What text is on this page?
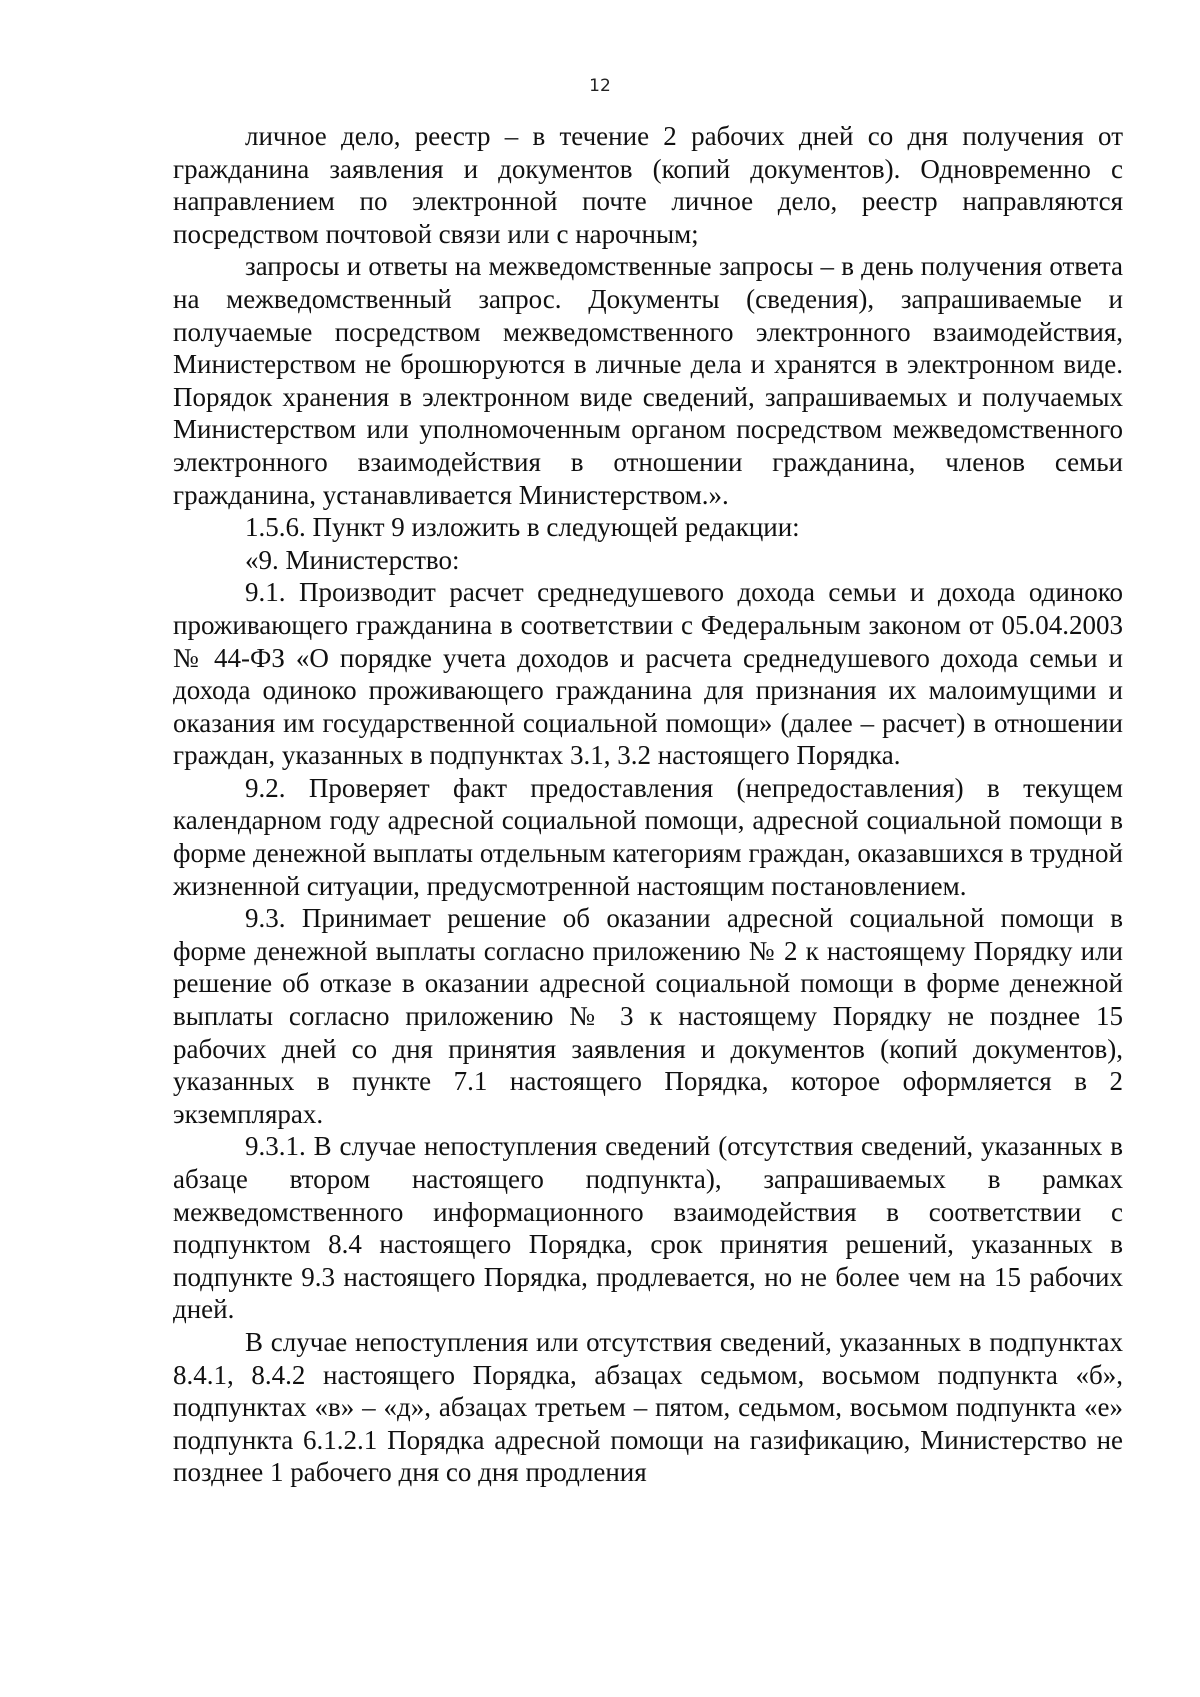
12

личное дело, реестр – в течение 2 рабочих дней со дня получения от гражданина заявления и документов (копий документов). Одновременно с направлением по электронной почте личное дело, реестр направляются посредством почтовой связи или с нарочным;

запросы и ответы на межведомственные запросы – в день получения ответа на межведомственный запрос. Документы (сведения), запрашиваемые и получаемые посредством межведомственного электронного взаимодействия, Министерством не брошюруются в личные дела и хранятся в электронном виде. Порядок хранения в электронном виде сведений, запрашиваемых и получаемых Министерством или уполномоченным органом посредством межведомственного электронного взаимодействия в отношении гражданина, членов семьи гражданина, устанавливается Министерством.».

1.5.6. Пункт 9 изложить в следующей редакции:

«9. Министерство:

9.1. Производит расчет среднедушевого дохода семьи и дохода одиноко проживающего гражданина в соответствии с Федеральным законом от 05.04.2003 № 44-ФЗ «О порядке учета доходов и расчета среднедушевого дохода семьи и дохода одиноко проживающего гражданина для признания их малоимущими и оказания им государственной социальной помощи» (далее – расчет) в отношении граждан, указанных в подпунктах 3.1, 3.2 настоящего Порядка.

9.2. Проверяет факт предоставления (непредоставления) в текущем календарном году адресной социальной помощи, адресной социальной помощи в форме денежной выплаты отдельным категориям граждан, оказавшихся в трудной жизненной ситуации, предусмотренной настоящим постановлением.

9.3. Принимает решение об оказании адресной социальной помощи в форме денежной выплаты согласно приложению № 2 к настоящему Порядку или решение об отказе в оказании адресной социальной помощи в форме денежной выплаты согласно приложению № 3 к настоящему Порядку не позднее 15 рабочих дней со дня принятия заявления и документов (копий документов), указанных в пункте 7.1 настоящего Порядка, которое оформляется в 2 экземплярах.

9.3.1. В случае непоступления сведений (отсутствия сведений, указанных в абзаце втором настоящего подпункта), запрашиваемых в рамках межведомственного информационного взаимодействия в соответствии с подпунктом 8.4 настоящего Порядка, срок принятия решений, указанных в подпункте 9.3 настоящего Порядка, продлевается, но не более чем на 15 рабочих дней.

В случае непоступления или отсутствия сведений, указанных в подпунктах 8.4.1, 8.4.2 настоящего Порядка, абзацах седьмом, восьмом подпункта «б», подпунктах «в» – «д», абзацах третьем – пятом, седьмом, восьмом подпункта «е» подпункта 6.1.2.1 Порядка адресной помощи на газификацию, Министерство не позднее 1 рабочего дня со дня продления
